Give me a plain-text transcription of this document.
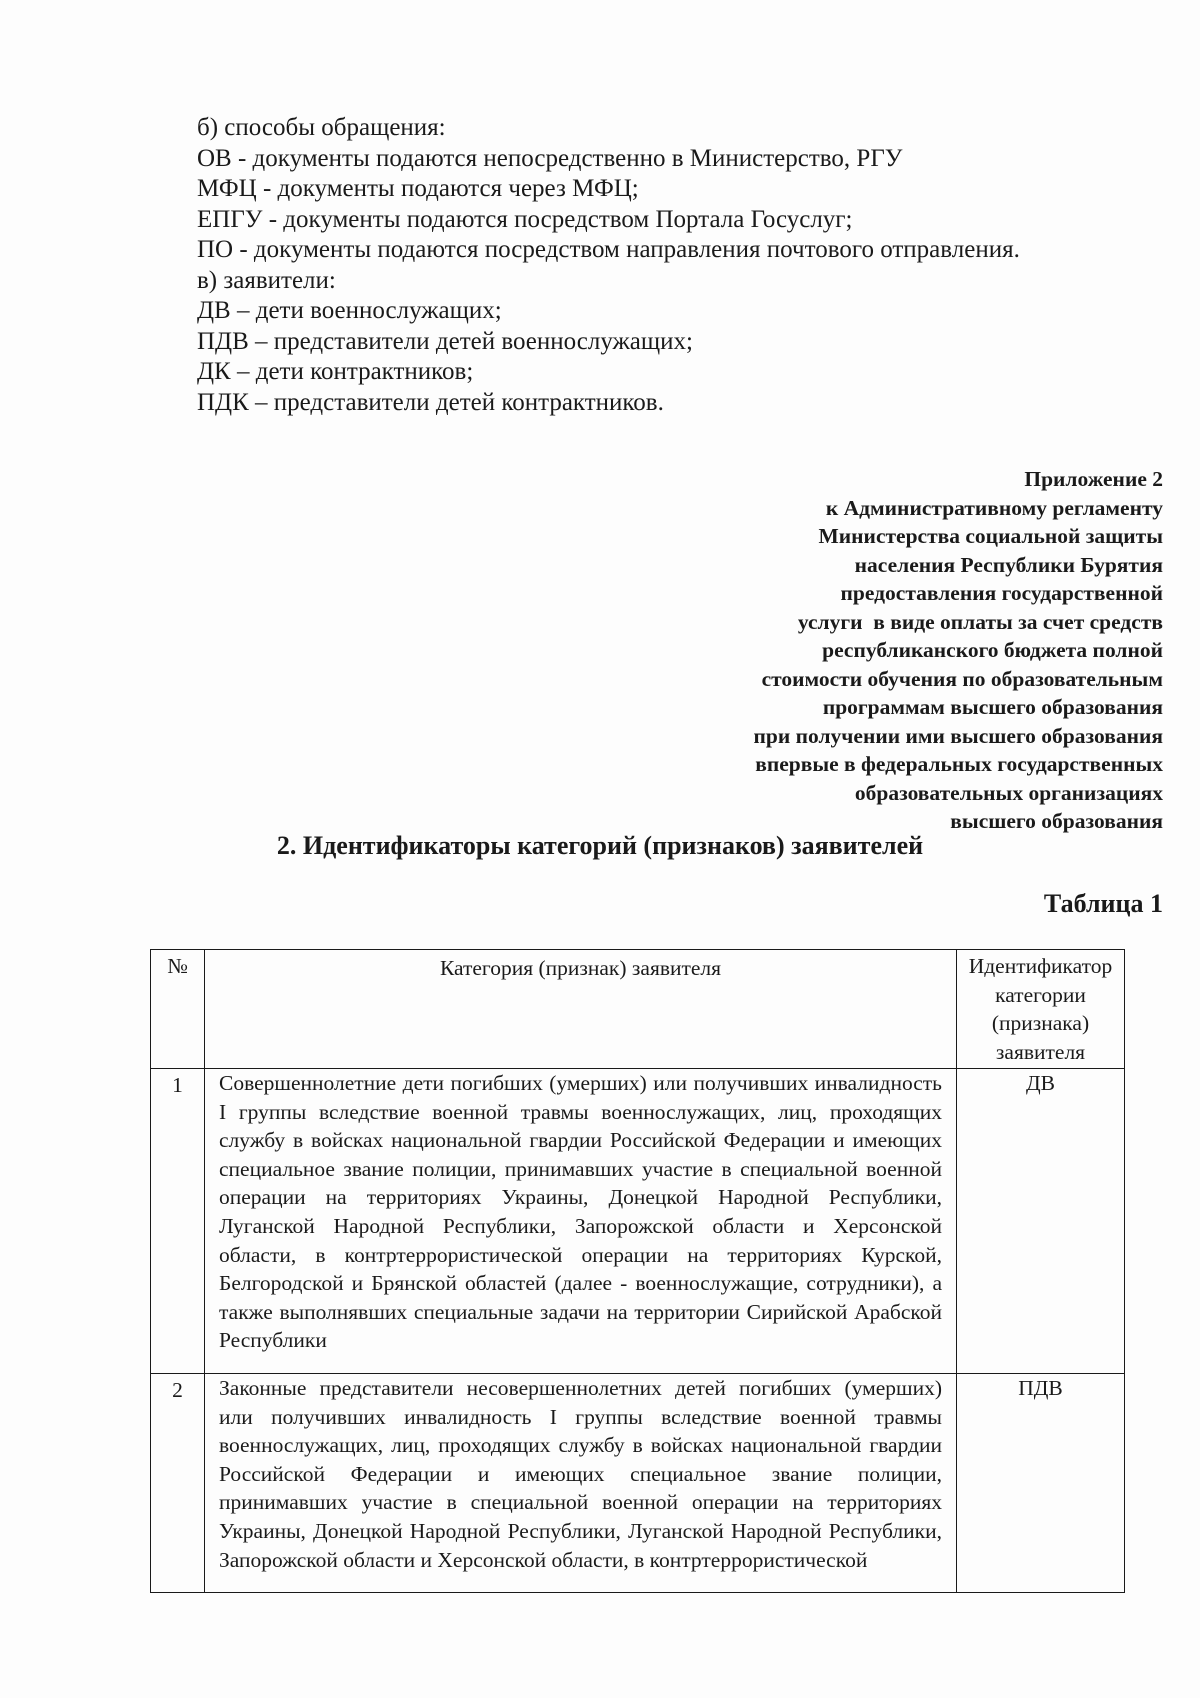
б) способы обращения:
ОВ - документы подаются непосредственно в Министерство, РГУ
МФЦ - документы подаются через МФЦ;
ЕПГУ - документы подаются посредством Портала Госуслуг;
ПО - документы подаются посредством направления почтового отправления.
в) заявители:
ДВ – дети военнослужащих;
ПДВ – представители детей военнослужащих;
ДК – дети контрактников;
ПДК – представители детей контрактников.
Приложение 2
к Административному регламенту
Министерства социальной защиты
населения Республики Бурятия
предоставления государственной
услуги  в виде оплаты за счет средств
республиканского бюджета полной
стоимости обучения по образовательным
программам высшего образования
при получении ими высшего образования
впервые в федеральных государственных
образовательных организациях
высшего образования
2. Идентификаторы категорий (признаков) заявителей
Таблица 1
№	Категория (признак) заявителя	Идентификатор категории (признака) заявителя
1	Совершеннолетние дети погибших (умерших) или получивших инвалидность I группы вследствие военной травмы военнослужащих, лиц, проходящих службу в войсках национальной гвардии Российской Федерации и имеющих специальное звание полиции, принимавших участие в специальной военной операции на территориях Украины, Донецкой Народной Республики, Луганской Народной Республики, Запорожской области и Херсонской области, в контртеррористической операции на территориях Курской, Белгородской и Брянской областей (далее - военнослужащие, сотрудники), а также выполнявших специальные задачи на территории Сирийской Арабской Республики	ДВ
2	Законные представители несовершеннолетних детей погибших (умерших) или получивших инвалидность I группы вследствие военной травмы военнослужащих, лиц, проходящих службу в войсках национальной гвардии Российской Федерации и имеющих специальное звание полиции, принимавших участие в специальной военной операции на территориях Украины, Донецкой Народной Республики, Луганской Народной Республики, Запорожской области и Херсонской области, в контртеррористической	ПДВ
